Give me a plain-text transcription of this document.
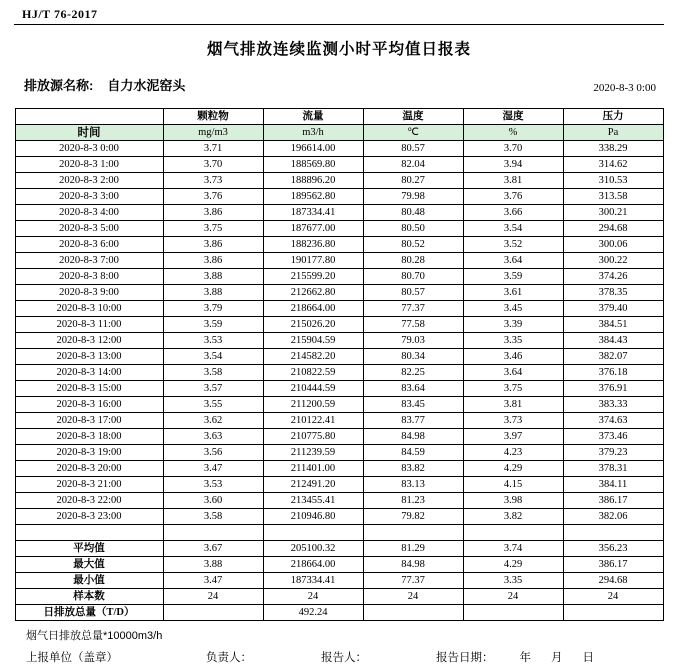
HJ/T 76-2017
烟气排放连续监测小时平均值日报表
排放源名称: 自力水泥窑头	2020-8-3 0:00
	颗粒物	流量	温度	湿度	压力
时间	mg/m3	m3/h	℃	%	Pa
2020-8-3 0:00	3.71	196614.00	80.57	3.70	338.29
2020-8-3 1:00	3.70	188569.80	82.04	3.94	314.62
2020-8-3 2:00	3.73	188896.20	80.27	3.81	310.53
2020-8-3 3:00	3.76	189562.80	79.98	3.76	313.58
2020-8-3 4:00	3.86	187334.41	80.48	3.66	300.21
2020-8-3 5:00	3.75	187677.00	80.50	3.54	294.68
2020-8-3 6:00	3.86	188236.80	80.52	3.52	300.06
2020-8-3 7:00	3.86	190177.80	80.28	3.64	300.22
2020-8-3 8:00	3.88	215599.20	80.70	3.59	374.26
2020-8-3 9:00	3.88	212662.80	80.57	3.61	378.35
2020-8-3 10:00	3.79	218664.00	77.37	3.45	379.40
2020-8-3 11:00	3.59	215026.20	77.58	3.39	384.51
2020-8-3 12:00	3.53	215904.59	79.03	3.35	384.43
2020-8-3 13:00	3.54	214582.20	80.34	3.46	382.07
2020-8-3 14:00	3.58	210822.59	82.25	3.64	376.18
2020-8-3 15:00	3.57	210444.59	83.64	3.75	376.91
2020-8-3 16:00	3.55	211200.59	83.45	3.81	383.33
2020-8-3 17:00	3.62	210122.41	83.77	3.73	374.63
2020-8-3 18:00	3.63	210775.80	84.98	3.97	373.46
2020-8-3 19:00	3.56	211239.59	84.59	4.23	379.23
2020-8-3 20:00	3.47	211401.00	83.82	4.29	378.31
2020-8-3 21:00	3.53	212491.20	83.13	4.15	384.11
2020-8-3 22:00	3.60	213455.41	81.23	3.98	386.17
2020-8-3 23:00	3.58	210946.80	79.82	3.82	382.06

平均值	3.67	205100.32	81.29	3.74	356.23
最大值	3.88	218664.00	84.98	4.29	386.17
最小值	3.47	187334.41	77.37	3.35	294.68
样本数	24	24	24	24	24
日排放总量（T/D）		492.24			
烟气日排放总量*10000m3/h
上报单位（盖章）	负责人：	报告人：	报告日期： 年 月 日
